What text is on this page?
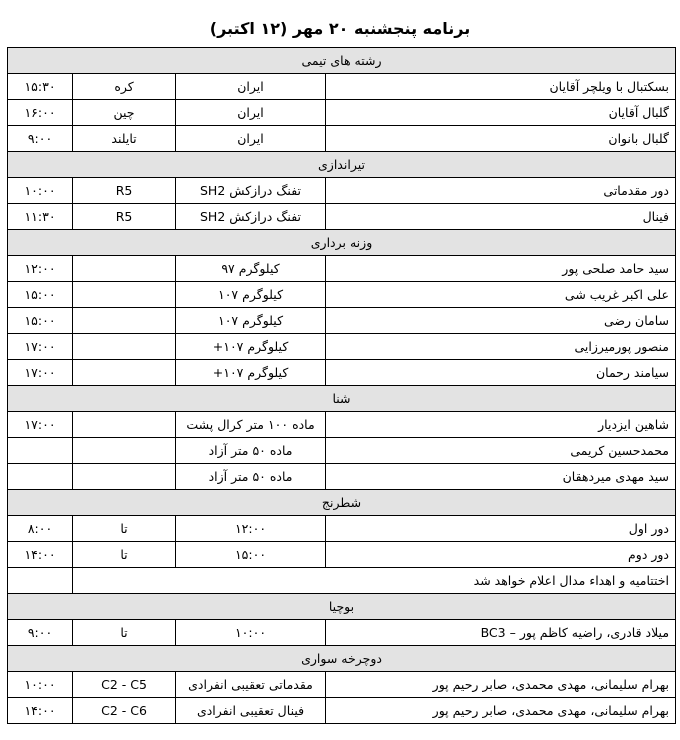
برنامه پنجشنبه ۲۰ مهر (۱۲ اکتبر)
رشته های تیمی			
بسکتبال با ویلچر آقایان	ایران	کره	۱۵:۳۰
گلبال آقایان	ایران	چین	۱۶:۰۰
گلبال بانوان	ایران	تایلند	۹:۰۰
تیراندازی			
دور مقدماتی	تفنگ درازکش SH2	R5	۱۰:۰۰
فینال	تفنگ درازکش SH2	R5	۱۱:۳۰
وزنه برداری			
سید حامد صلحی پور	کیلوگرم ۹۷		۱۲:۰۰
علی اکبر غریب شی	کیلوگرم ۱۰۷		۱۵:۰۰
سامان رضی	کیلوگرم ۱۰۷		۱۵:۰۰
منصور پورمیرزایی	کیلوگرم ۱۰۷+		۱۷:۰۰
سیامند رحمان	کیلوگرم ۱۰۷+		۱۷:۰۰
شنا			
شاهین ایزدیار	ماده ۱۰۰ متر کرال پشت		۱۷:۰۰
محمدحسین کریمی	ماده ۵۰ متر آزاد		
سید مهدی میردهقان	ماده ۵۰ متر آزاد		
شطرنج			
دور اول	۱۲:۰۰	تا	۸:۰۰
دور دوم	۱۵:۰۰	تا	۱۴:۰۰
اختتامیه و اهداء مدال اعلام خواهد شد			
بوچیا			
میلاد قادری، راضیه کاظم پور – BC3	۱۰:۰۰	تا	۹:۰۰
دوچرخه سواری			
بهرام سلیمانی، مهدی محمدی، صابر رحیم پور	مقدماتی تعقیبی انفرادی	C2 - C5	۱۰:۰۰
بهرام سلیمانی، مهدی محمدی، صابر رحیم پور	فینال تعقیبی انفرادی	C2 - C6	۱۴:۰۰
